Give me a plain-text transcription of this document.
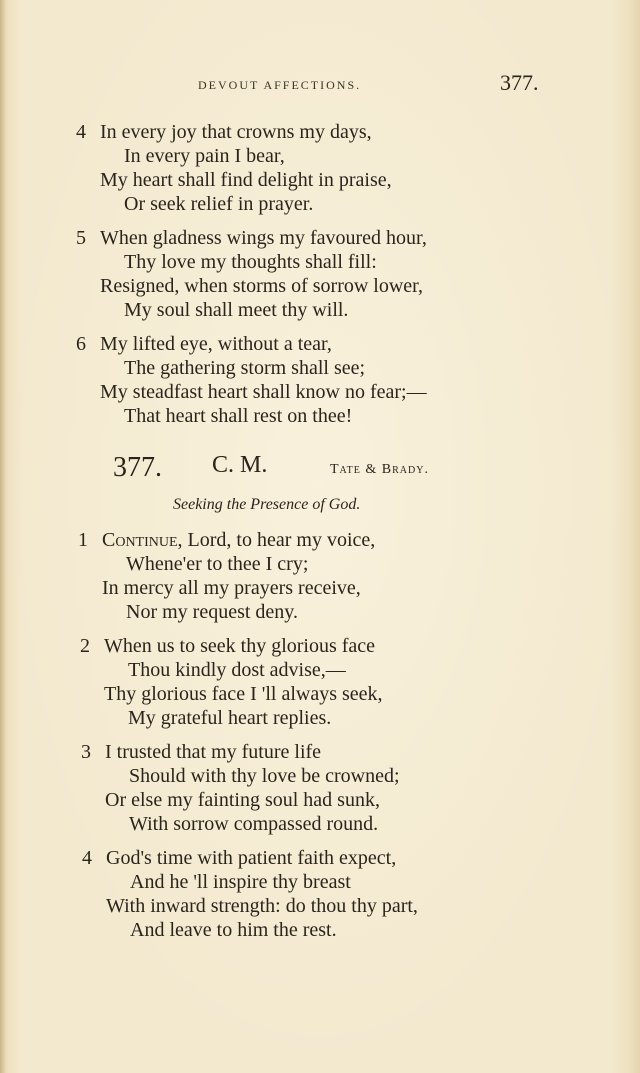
DEVOUT AFFECTIONS.	377.
4 In every joy that crowns my days,
In every pain I bear,
My heart shall find delight in praise,
Or seek relief in prayer.
5 When gladness wings my favoured hour,
Thy love my thoughts shall fill:
Resigned, when storms of sorrow lower,
My soul shall meet thy will.
6 My lifted eye, without a tear,
The gathering storm shall see;
My steadfast heart shall know no fear;—
That heart shall rest on thee!
377. C. M.	Tate & Brady.
Seeking the Presence of God.
1 Continue, Lord, to hear my voice,
Whene'er to thee I cry;
In mercy all my prayers receive,
Nor my request deny.
2 When us to seek thy glorious face
Thou kindly dost advise,—
Thy glorious face I 'll always seek,
My grateful heart replies.
3 I trusted that my future life
Should with thy love be crowned;
Or else my fainting soul had sunk,
With sorrow compassed round.
4 God's time with patient faith expect,
And he 'll inspire thy breast
With inward strength: do thou thy part,
And leave to him the rest.
